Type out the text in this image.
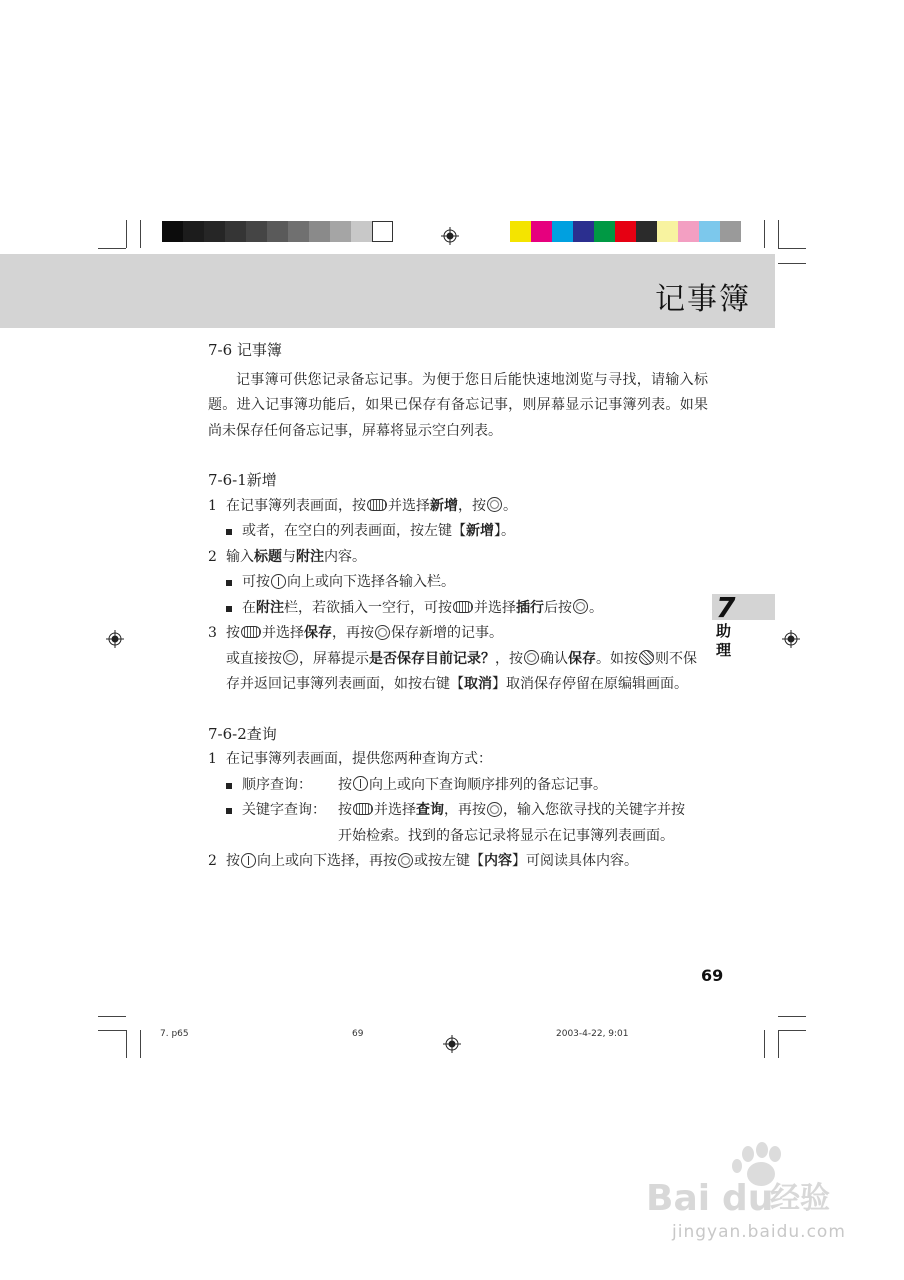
记事簿

7-6 记事簿

记事簿可供您记录备忘记事。为便于您日后能快速地浏览与寻找，请输入标题。进入记事簿功能后，如果已保存有备忘记事，则屏幕显示记事簿列表。如果尚未保存任何备忘记事，屏幕将显示空白列表。

7-6-1新增

1 在记事簿列表画面，按 并选择新增，按 。
或者，在空白的列表画面，按左键【新增】。
2 输入标题与附注内容。
可按 向上或向下选择各输入栏。
在附注栏，若欲插入一空行，可按 并选择插行后按 。
3 按 并选择保存，再按 保存新增的记事。
或直接按 ，屏幕提示是否保存目前记录？，按 确认保存。如按 则不保存并返回记事簿列表画面，如按右键【取消】取消保存停留在原编辑画面。

7-6-2查询

1 在记事簿列表画面，提供您两种查询方式：
顺序查询： 按 向上或向下查询顺序排列的备忘记事。
关键字查询： 按 并选择查询，再按 ，输入您欲寻找的关键字并按开始检索。找到的备忘记录将显示在记事簿列表画面。
2 按 向上或向下选择，再按 或按左键【内容】可阅读具体内容。
7
助
理
69
7. p65	69	2003-4-22, 9:01
Bai du
经验
jingyan.baidu.com
